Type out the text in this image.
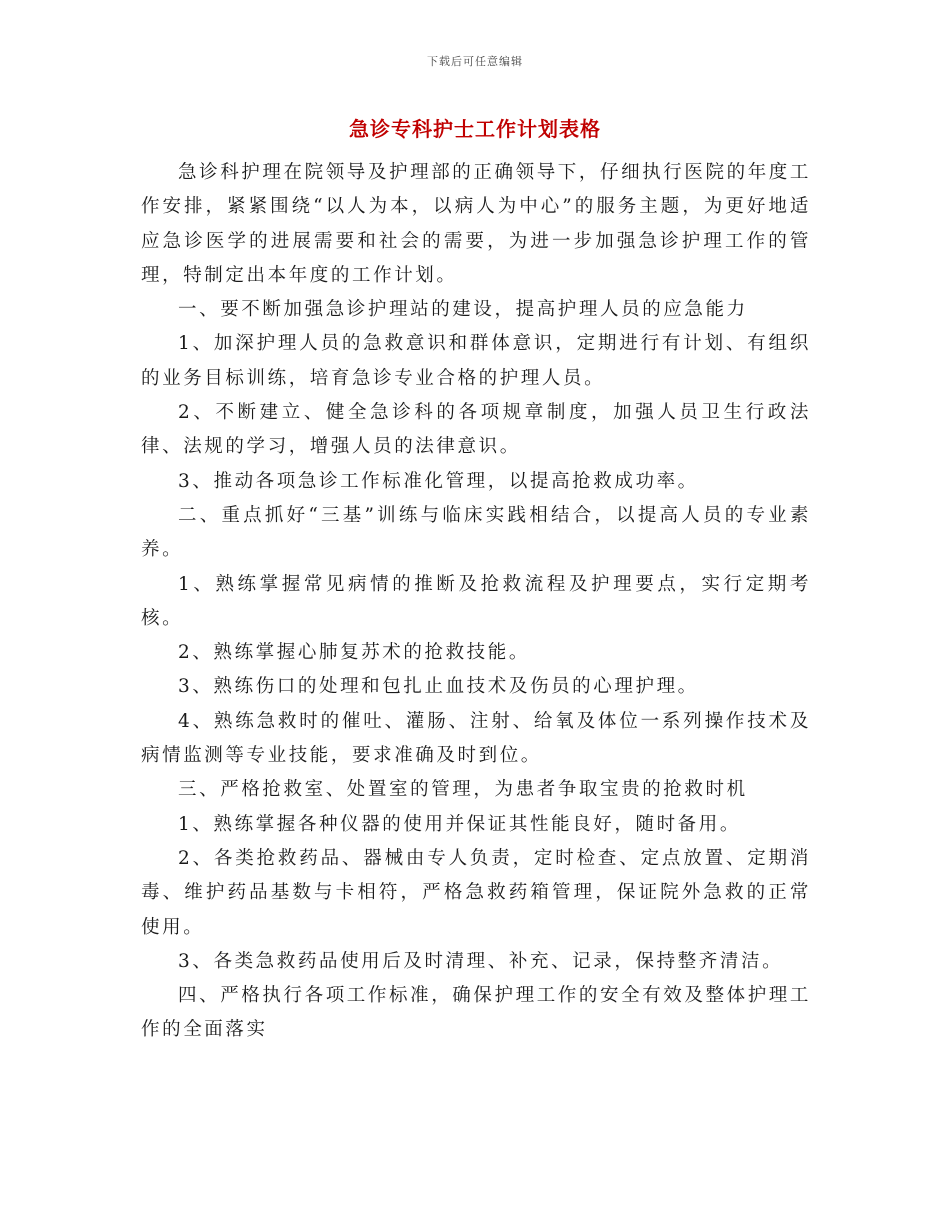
下载后可任意编辑
急诊专科护士工作计划表格

急诊科护理在院领导及护理部的正确领导下，仔细执行医院的年度工作安排，紧紧围绕“以人为本，以病人为中心”的服务主题，为更好地适应急诊医学的进展需要和社会的需要，为进一步加强急诊护理工作的管理，特制定出本年度的工作计划。

一、要不断加强急诊护理站的建设，提高护理人员的应急能力

1、加深护理人员的急救意识和群体意识，定期进行有计划、有组织的业务目标训练，培育急诊专业合格的护理人员。

2、不断建立、健全急诊科的各项规章制度，加强人员卫生行政法律、法规的学习，增强人员的法律意识。

3、推动各项急诊工作标准化管理，以提高抢救成功率。

二、重点抓好“三基”训练与临床实践相结合，以提高人员的专业素养。

1、熟练掌握常见病情的推断及抢救流程及护理要点，实行定期考核。

2、熟练掌握心肺复苏术的抢救技能。

3、熟练伤口的处理和包扎止血技术及伤员的心理护理。

4、熟练急救时的催吐、灌肠、注射、给氧及体位一系列操作技术及病情监测等专业技能，要求准确及时到位。

三、严格抢救室、处置室的管理，为患者争取宝贵的抢救时机

1、熟练掌握各种仪器的使用并保证其性能良好，随时备用。

2、各类抢救药品、器械由专人负责，定时检查、定点放置、定期消毒、维护药品基数与卡相符，严格急救药箱管理，保证院外急救的正常使用。

3、各类急救药品使用后及时清理、补充、记录，保持整齐清洁。

四、严格执行各项工作标准，确保护理工作的安全有效及整体护理工作的全面落实
